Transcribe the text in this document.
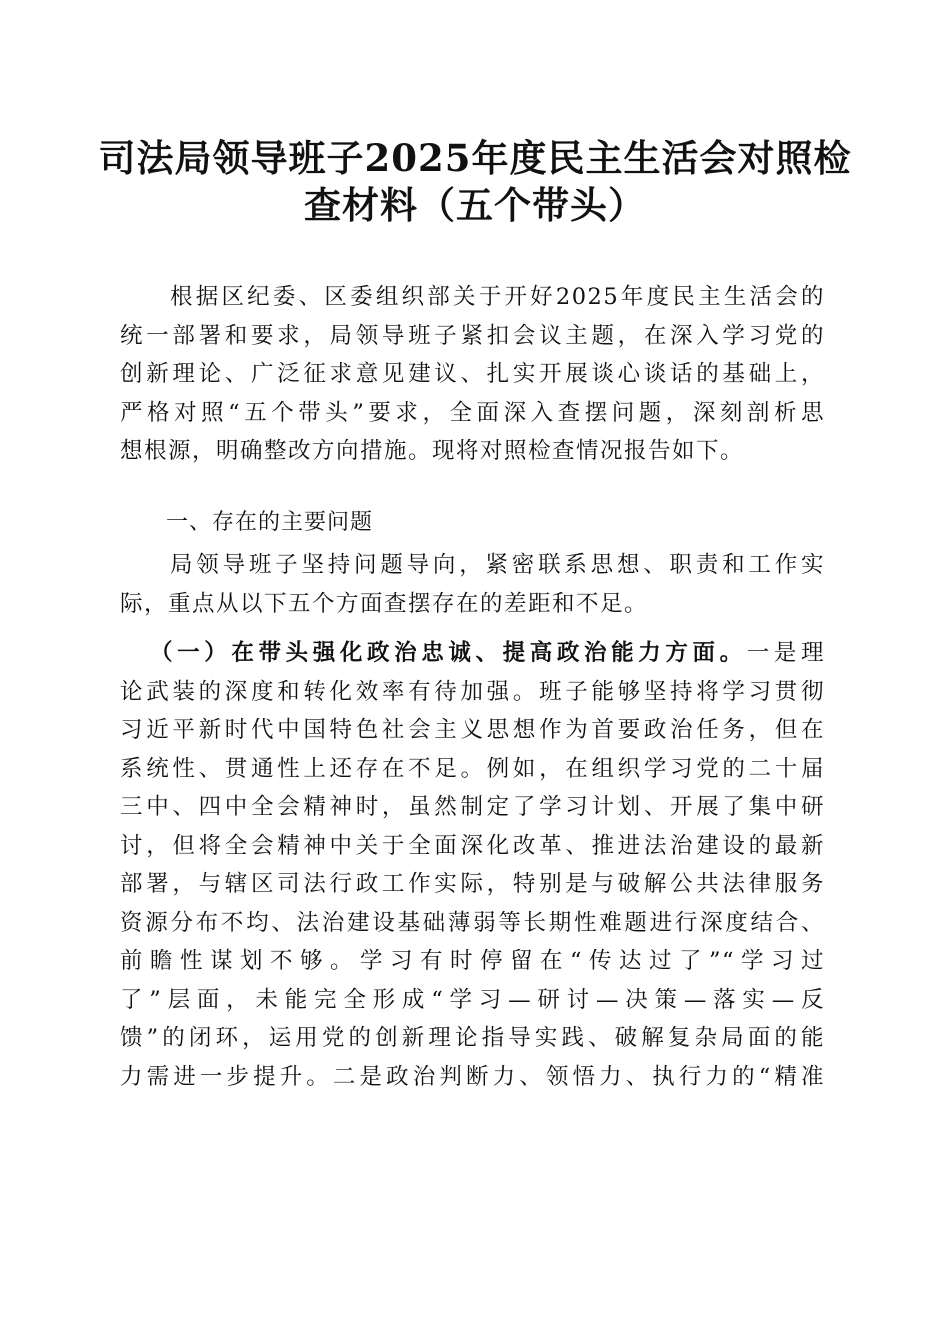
司法局领导班子2025年度民主生活会对照检
查材料（五个带头）
根据区纪委、区委组织部关于开好2025年度民主生活会的
统一部署和要求，局领导班子紧扣会议主题，在深入学习党的
创新理论、广泛征求意见建议、扎实开展谈心谈话的基础上，
严格对照“五个带头”要求，全面深入查摆问题，深刻剖析思
想根源，明确整改方向措施。现将对照检查情况报告如下。
一、存在的主要问题
局领导班子坚持问题导向，紧密联系思想、职责和工作实
际，重点从以下五个方面查摆存在的差距和不足。
（一）在带头强化政治忠诚、提高政治能力方面。一是理
论武装的深度和转化效率有待加强。班子能够坚持将学习贯彻
习近平新时代中国特色社会主义思想作为首要政治任务，但在
系统性、贯通性上还存在不足。例如，在组织学习党的二十届
三中、四中全会精神时，虽然制定了学习计划、开展了集中研
讨，但将全会精神中关于全面深化改革、推进法治建设的最新
部署，与辖区司法行政工作实际，特别是与破解公共法律服务
资源分布不均、法治建设基础薄弱等长期性难题进行深度结合、
前瞻性谋划不够。学习有时停留在“传达过了”“学习过
了”层面，未能完全形成“学习—研讨—决策—落实—反
馈”的闭环，运用党的创新理论指导实践、破解复杂局面的能
力需进一步提升。二是政治判断力、领悟力、执行力的“精准
